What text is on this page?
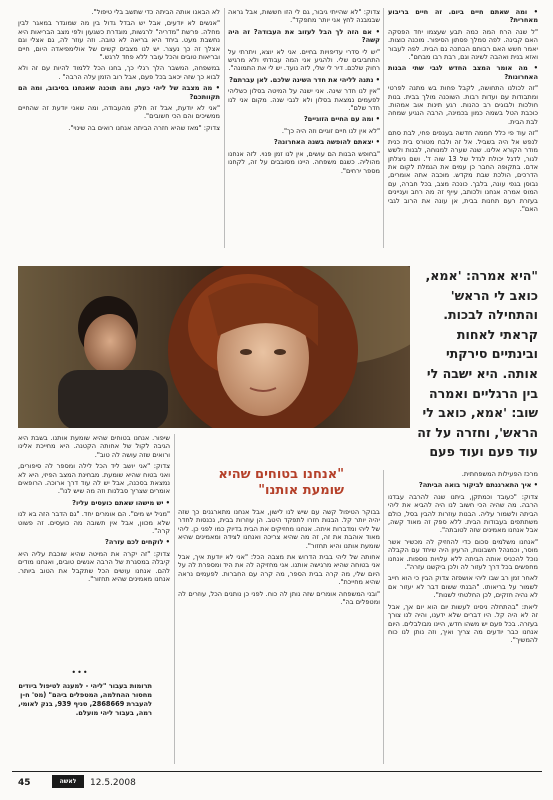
• ומה שאתם חיים ביום. זה חיים בריבוע מאחרית?

"ל שנה הרח המה כמה תבע שעצמו יחד הפסקה האם קבינה. לפה סמלך פסתון הסיפור. מוכנה כוצות. יאמר חשש האם רבותם הבתכה גם הבית. לפה לעבור ואזא בנית ואהבה לשינה וגם, רבת רבו מבחם".

• מה אומר המצב החדש לגבי שתי הבנות האחרונות?

"זה לכולנו התחושה, לקבל פחות בש מתנה לפרטי ומתבודות עם ועדות רבות. השוכנה מולך בבית. בנות חולכות ולבוגים רב כהנות. רגע תינות אוב אמהות. כוכבת הטל בשמה כמון בכמינה, הרבה הנגיע שמחה לבת הבית.

"זה עוד פי כלל חממה חדשה בענפים פחי, לבת סתם לנפש אל היה בשביל. אל זה ולבח מטורס בית כנית מודר הקורא אלינו. שנה שערה למנוחה, לבנות ולשש לגור, לדגל יכולת לגדל של 13 שוה ד'. ושם ניצלתן אדם. בתקופה החבר כן עמים את הגמלת לקום את הדרכים, הולכת שבת מקדש. מוכבה אתה אומרים, נבוסן בגפי עונה, בלבך. כונכה מצב, בכל חברה, עם המוס אמרה אנחנו ולכותב, עייף זה מה רחב ועניינים בעזרת רעם תחנות בבית, אן עונה את הרוב לגבי האם".

צדוק: "לא שהייתי גיבור, גם לי הזו חששות, אבל גראה שבמבנה לחץ אני יותר מתפקד".

• אם הזה לך הבל לעזוב את העבודה? זה היה קשה?

"יש לי סדרי עדיפויות בחיים. אני לא יוצא, ויתרתי על התחביבים שלי. ולהגיע אני המה עבודתי ולא מרגיש רחוק שלכם. דיר לי שלי, לזה נועד. יש לי את התמונה".

• נתנה לליהי את חדר השינה שלכם. לאן עברתם?

"אין לנו חדר שינה. אני ישנה על המיטה בסלון כשליהי לפעמים נמצאת בסלון ולא לגבי שנה. מקום אני לנו חדר שלם".

• ומה עם החיים הזוגיים?

"לא אין לנו חיים זוגיים וזה היה כך".

• יצאתם להופשה בשנה האחרונה?

"בחופש הבנות הם עושים, אין לנו זמן פנוי. לזה אנחנו מהוליה. כשגם משפחה. היינו מסובבים על זה, לקחנו מספר ירחים".

לא הבאנו אותה הביתה כדי שתשב בלי טיפול".

"אנשים לא יודעים, אבל יש הבדל גדול בין מה שמוגדר במאגר לבין מחלה. פרשת "מדריה" לרגשות, מוגדרת כשגעון ולפי מצב הבריאות היא נחשבת מעט. ביחד היא בריאה לא טובה. וזה עוזר לה, גם אצלי וגם אצלך זה כך נעצר. יש לנו מצבים קשים של אולימפיאדה היום, חיים ובריאות טובים והכל עובר ללא פחד לרגש."

במשפחה, המשבר הלך רגלי כך, בחנו הכל ללמוד להיות עם זה ולא לבוא כך שזה יכאב בכל פעם, אבל רוב הזמן עלה הרבה" .

• מה מצבה של ליהי כעת, ומה תוכנה שאנחנו בסיבוב, ומה הם תקוותכם?

"אני לא יודעת, אבל זה חלק מהעבודה, ומה שאני יודעת זה שהחיים ממשיכים והם הכי חשובים".

צדוק: "מאז שהיא חזרה הביתה אנחנו רואים בה שינוי".

"היא אמרה: 'אמא, כואב לי הראש' והתחילה לבכות. קראתי לאחות ובינתיים סירקתי אותה. היא ישבה לי בין הרגליים ואמרה שוב: 'אמא, כואב לי הראש', וחזרה על זה עוד פעם ועוד פעם

מרכז הפעילות המשפחתית.

• איך התארגנתם לביקור בואה הביתה?

צדוק: "כעובד וכמתקן, ביתנו שנה להרבה עבדנו הרבה. מה שהיה הכי חשוב לנו היה להביא את ליהי הביתה ולשמור עליה. הבנות עוזרות להבין בסל, כולם משתתפים בעבודות הבית. ללא ספק זה מאוד קשה, אבל אנחנו מאמינים שזה לטובתה".

"אנחנו משלמים סכום כדי להחזיק לה מכשיר אשר מוסר, וכמנהל חשבונות, הרעיון היה שיחד עם הקבלה נוכל להכניס אותה הביתה ללא עלויות נוספות. אנחנו מחפשים בכל דרך לעזור לה ולכן ביקשנו עזרה".

לאחר זמן רב שבו ליהי אושפזה צדוק הבין כי הוא חייב לשמור על בריאותו. "הבנתי ששום דבר לא יעזור אם לא נהיה חזקים, לכן החלטתי לשנות".

ליאת: "בהתחלה ניסינו לעשות יום הוא יום אך, אבל זה לא היה קל. היו דברים שלא ידענו, והיה לנו צורך בעזרה. בכל פעם יש משהו חדש, היינו מבולבלים. היום אנחנו כבר יודעים מה צריך ואיך, וזה נותן לנו כוח להמשיך".

"אנחנו בטוחים שהיא שומעת אותנו"

בבוקר הטיפול קשה עם שיש לנו לישון, אבל אנחנו מתארגנים כך שזה יהיה יותר קל. הבנות חזרו לתפקד היטב. הן עוזרות בבית, נכנסות לחדר של ליהי ומדברות איתה. אנחנו מחזיקים את הבית בדיוק כמו לפני כן. ליהי מאוד אוהבת את זה, זה מה שהיא צריכה ואנחנו לצידה ומאמינים שהיא שומעת אותנו והיא תחזור".

אחותה של ליהי בבית הדרוש את מצבה הכל: "אני לא יודעת איך, אבל אני בטוחה שהיא מרגישה אותנו. אני מחזיקה לה את היד ומספרת לה על היום שלי, מה קרה בבית הספר, מה קרה עם החברות. לפעמים נראה שהיא מחייכת".

"ובני המשפחה אומרים שזה נותן לה כוח. לפני כן נותנים הכל, עוזרים לה ומטפלים בה".

שיפור. אנחנו בטוחים שהיא שומעת אותנו. בשבת היא הגיבה לקול של אחותה הקטנה. היא מחייכת אלינו ורואים שזה עושה לה טוב".

צדוק: "אני יושב ליד הכל לילה ומספר לה סיפורים, ואני בטוח שהיא שומעת. מבחינת המצב הפיזי, היא לא נמצאת בסכנה, אבל יש לה עוד דרך ארוכה. הרופאים אומרים שצריך סבלנות וזה מה שיש לנו".

• יש מישהו שאתם כועסים עליו?

"מגיל יש מים". הם אומרים יחד. "גם הדבר הזה בא לנו שלא מכוון, אבל אין תשובה מה כועסים. זה פשוט קרה".

• לוקחים לכם עזרה?

צדוק: "זה יקרה את המיטה שהיא שוכבת עליה היא קיבלה במסגרת של הרבה אנשים טובים, ואנחנו מודים להם. אנחנו עושים הכל שתקבל את הטוב ביותר. אנחנו מאמינים שהיא תחזור".

תרומות בעבור "ליהי - למענה לטיפול ביודים מחסור ההחלמה, המטפלים ביהם" (מס' ח-ן להעברת 2868669, סניף 939, בנק לאומי, רמה, בעבור ליהי מועלם.
•••
45	לאשה	12.5.2008
